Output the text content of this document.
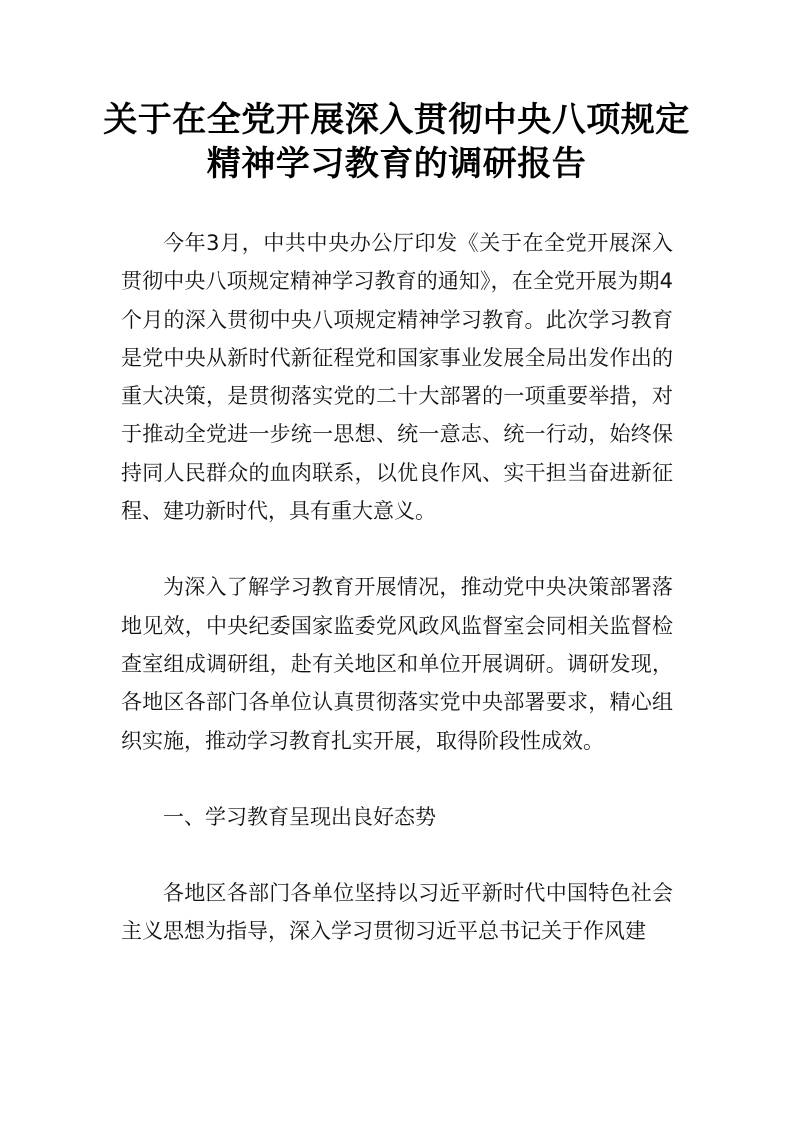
关于在全党开展深入贯彻中央八项规定
精神学习教育的调研报告

今年3月，中共中央办公厅印发《关于在全党开展深入贯彻中央八项规定精神学习教育的通知》，在全党开展为期4个月的深入贯彻中央八项规定精神学习教育。此次学习教育是党中央从新时代新征程党和国家事业发展全局出发作出的重大决策，是贯彻落实党的二十大部署的一项重要举措，对于推动全党进一步统一思想、统一意志、统一行动，始终保持同人民群众的血肉联系，以优良作风、实干担当奋进新征程、建功新时代，具有重大意义。

为深入了解学习教育开展情况，推动党中央决策部署落地见效，中央纪委国家监委党风政风监督室会同相关监督检查室组成调研组，赴有关地区和单位开展调研。调研发现，各地区各部门各单位认真贯彻落实党中央部署要求，精心组织实施，推动学习教育扎实开展，取得阶段性成效。

一、学习教育呈现出良好态势

各地区各部门各单位坚持以习近平新时代中国特色社会主义思想为指导，深入学习贯彻习近平总书记关于作风建
